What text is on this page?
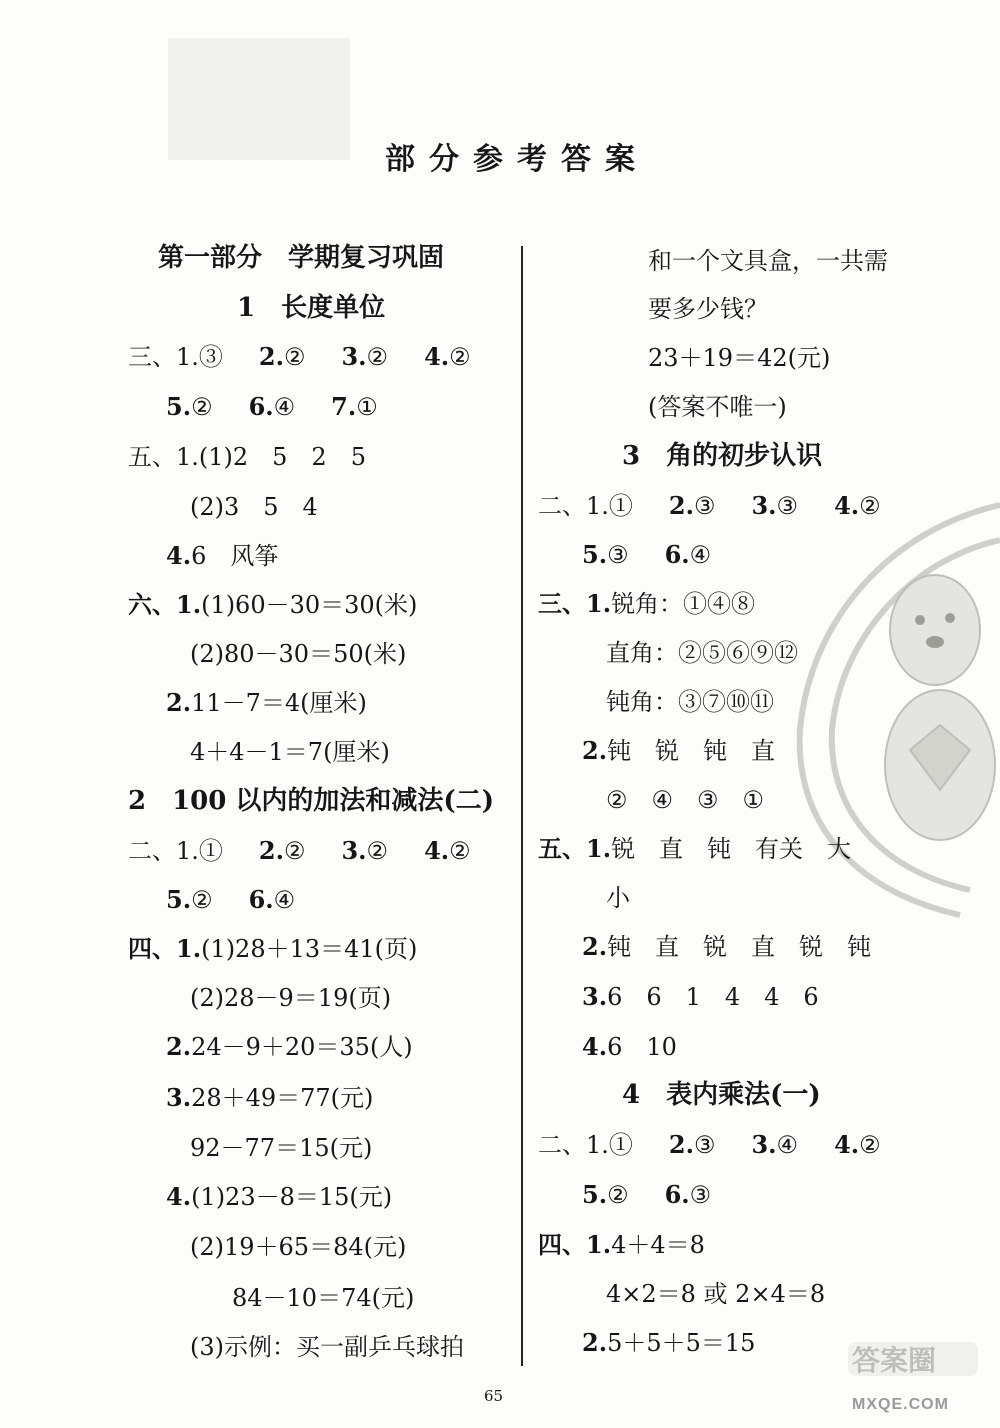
部分参考答案
第一部分　学期复习巩固
1　长度单位
三、1.③ 2.② 3.② 4.②
5.② 6.④ 7.①
五、1.(1)2　5　2　5
(2)3　5　4
4.6　风筝
六、1.(1)60－30＝30(米)
(2)80－30＝50(米)
2.11－7＝4(厘米)
4＋4－1＝7(厘米)
2　100 以内的加法和减法(二)
二、1.① 2.② 3.② 4.②
5.② 6.④
四、1.(1)28＋13＝41(页)
(2)28－9＝19(页)
2.24－9＋20＝35(人)
3.28＋49＝77(元)
92－77＝15(元)
4.(1)23－8＝15(元)
(2)19＋65＝84(元)
84－10＝74(元)
(3)示例：买一副乒乓球拍
和一个文具盒，一共需
要多少钱？
23＋19＝42(元)
(答案不唯一)
3　角的初步认识
二、1.① 2.③ 3.③ 4.②
5.③ 6.④
三、1.锐角：①④⑧
直角：②⑤⑥⑨⑫
钝角：③⑦⑩⑪
2.钝　锐　钝　直
②　④　③　①
五、1.锐　直　钝　有关　大
小
2.钝　直　锐　直　锐　钝
3.6　6　1　4　4　6
4.6　10
4　表内乘法(一)
二、1.① 2.③ 3.④ 4.②
5.② 6.③
四、1.4＋4＝8
4×2＝8 或 2×4＝8
2.5＋5＋5＝15
65
答案圈
MXQE.COM
